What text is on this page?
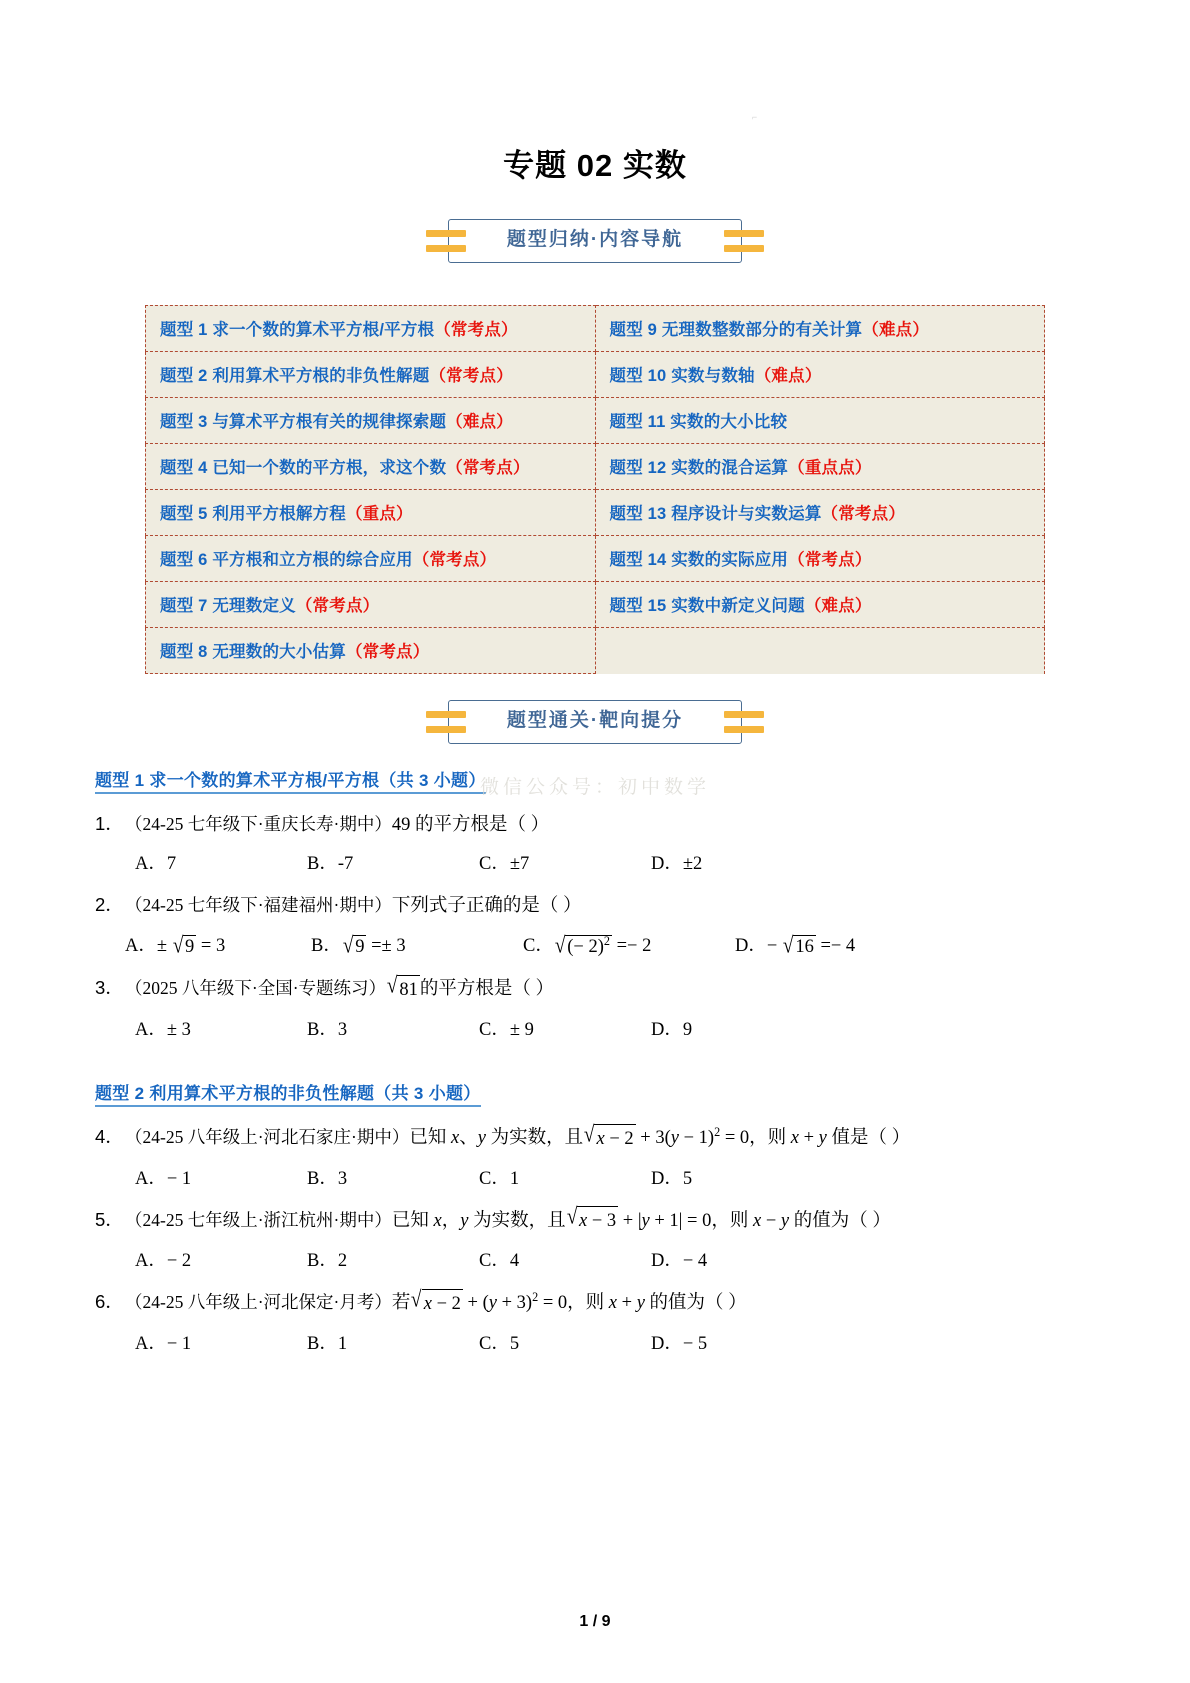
⌐
专题 02 实数
题型归纳·内容导航
题型 1 求一个数的算术平方根/平方根（常考点）	题型 9 无理数整数部分的有关计算（难点）
题型 2 利用算术平方根的非负性解题（常考点）	题型 10 实数与数轴（难点）
题型 3 与算术平方根有关的规律探索题（难点）	题型 11 实数的大小比较
题型 4 已知一个数的平方根，求这个数（常考点）	题型 12 实数的混合运算（重点点）
题型 5 利用平方根解方程（重点）	题型 13 程序设计与实数运算（常考点）
题型 6 平方根和立方根的综合应用（常考点）	题型 14 实数的实际应用（常考点）
题型 7 无理数定义（常考点）	题型 15 实数中新定义问题（难点）
题型 8 无理数的大小估算（常考点）	
题型通关·靶向提分
微信公众号：初中数学
题型 1 求一个数的算术平方根/平方根（共 3 小题）

1．（24-25 七年级下·重庆长寿·期中）49 的平方根是（ ）

A．7	B．-7	C．±7	D．±2

2．（24-25 七年级下·福建福州·期中）下列式子正确的是（ ）

A．± √ 9 = 3	B． √ 9 =± 3	C． √ (− 2)$^2$ =− 2	D．− √ 16 =− 4

3．（2025 八年级下·全国·专题练习） √ 81 的平方根是（ ）

A．± 3	B．3	C．± 9	D．9
题型 2 利用算术平方根的非负性解题（共 3 小题）

4．（24-25 八年级上·河北石家庄·期中）已知 x、y 为实数，且 √ $x - 2 + 3(y - 1)^2 = 0$，则 x + y 值是（ ）

A．− 1	B．3	C．1	D．5

5．（24-25 七年级上·浙江杭州·期中）已知 x，y 为实数，且 √ x − 3 + |y + 1| = 0，则 x − y 的值为（ ）

A．− 2	B．2	C．4	D．− 4

6．（24-25 八年级上·河北保定·月考）若 √ $x - 2 + (y + 3)^2 = 0$，则 x + y 的值为（ ）

A．− 1	B．1	C．5	D．− 5
1 / 9
